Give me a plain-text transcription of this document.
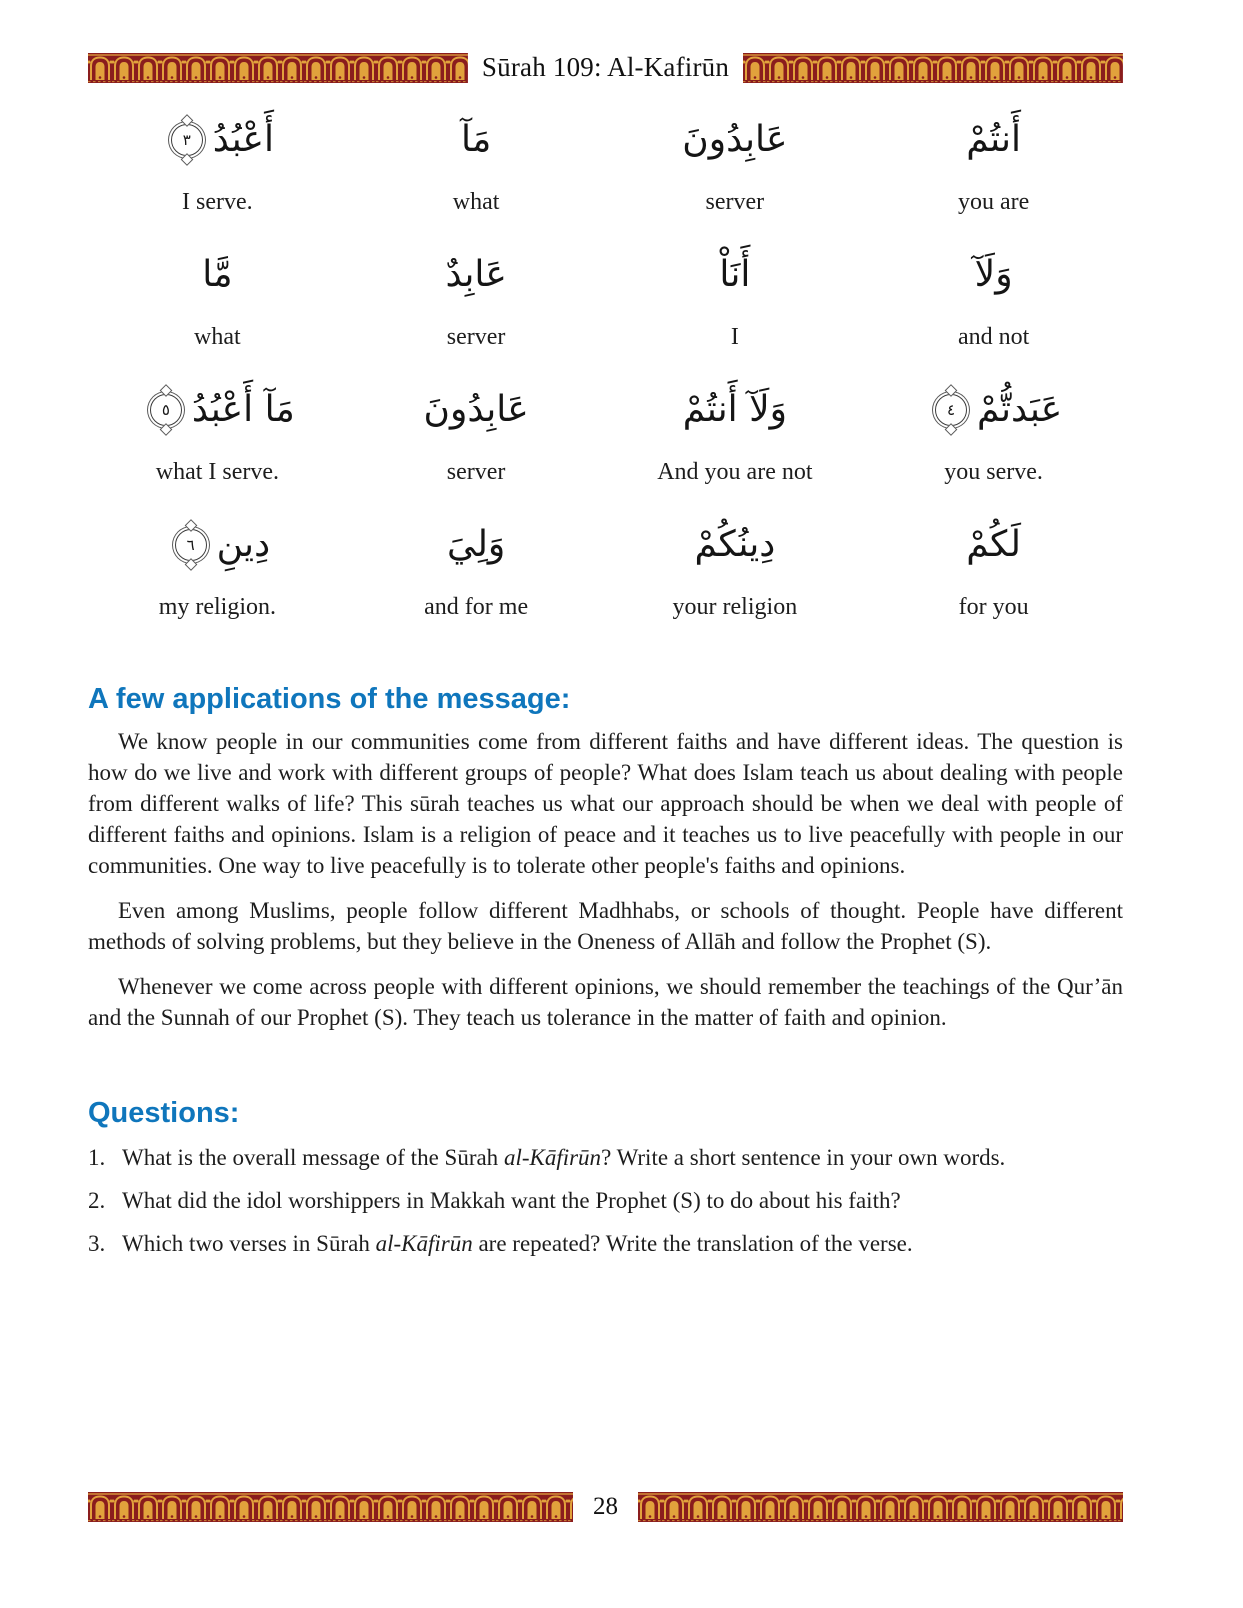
Sūrah 109: Al-Kafirūn
أَعْبُدُ
٣
I serve.
مَآ
what
عَابِدُونَ
server
أَنتُمْ
you are
مَّا
what
عَابِدٌ
server
أَنَاْ
I
وَلَآ
and not
مَآ أَعْبُدُ
٥
what I serve.
عَابِدُونَ
server
وَلَآ أَنتُمْ
And you are not
عَبَدتُّمْ
٤
you serve.
دِينِ
٦
my religion.
وَلِيَ
and for me
دِينُكُمْ
your religion
لَكُمْ
for you
A few applications of the message:

We know people in our communities come from different faiths and have different ideas. The question is how do we live and work with different groups of people? What does Islam teach us about dealing with people from different walks of life? This sūrah teaches us what our approach should be when we deal with people of different faiths and opinions. Islam is a religion of peace and it teaches us to live peacefully with people in our communities. One way to live peacefully is to tolerate other people's faiths and opinions.

Even among Muslims, people follow different Madhhabs, or schools of thought. People have different methods of solving problems, but they believe in the Oneness of Allāh and follow the Prophet (S).

Whenever we come across people with different opinions, we should remember the teachings of the Qur’ān and the Sunnah of our Prophet (S). They teach us tolerance in the matter of faith and opinion.

Questions:
1. What is the overall message of the Sūrah al-Kāfirūn? Write a short sentence in your own words.
2. What did the idol worshippers in Makkah want the Prophet (S) to do about his faith?
3. Which two verses in Sūrah al-Kāfirūn are repeated? Write the translation of the verse.
28
